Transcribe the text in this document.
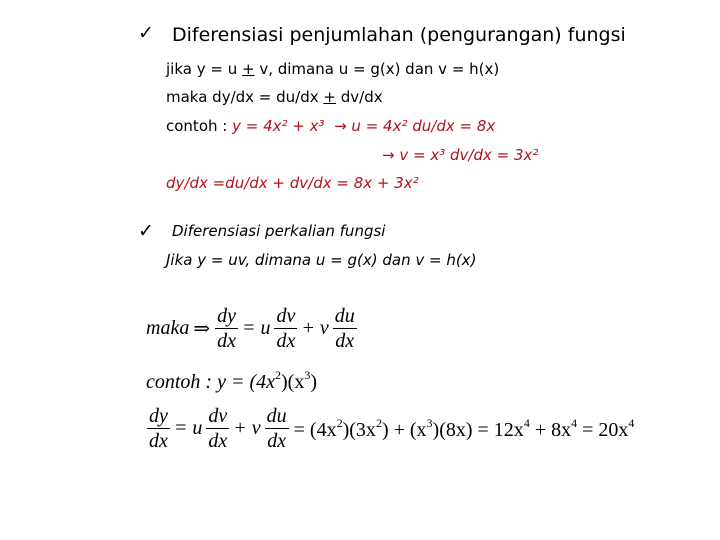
✓ Diferensiasi penjumlahan (pengurangan) fungsi
jika y = u + v, dimana u = g(x) dan v = h(x)
maka dy/dx = du/dx + dv/dx
contoh : y = 4x² + x³ → u = 4x² du/dx = 8x
→ v = x³ dv/dx = 3x²
dy/dx =du/dx + dv/dx = 8x + 3x²
✓ Diferensiasi perkalian fungsi
Jika y = uv, dimana u = g(x) dan v = h(x)
maka ⇒ $\frac{dy}{dx} = u \frac{dv}{dx} + v \frac{du}{dx}$
contoh : $y = (4x^2)(x^3)$
$\frac{dy}{dx} = u \frac{dv}{dx} + v \frac{du}{dx} = (4x^2)(3x^2) + (x^3)(8x) = 12x^4 + 8x^4 = 20x^4$
